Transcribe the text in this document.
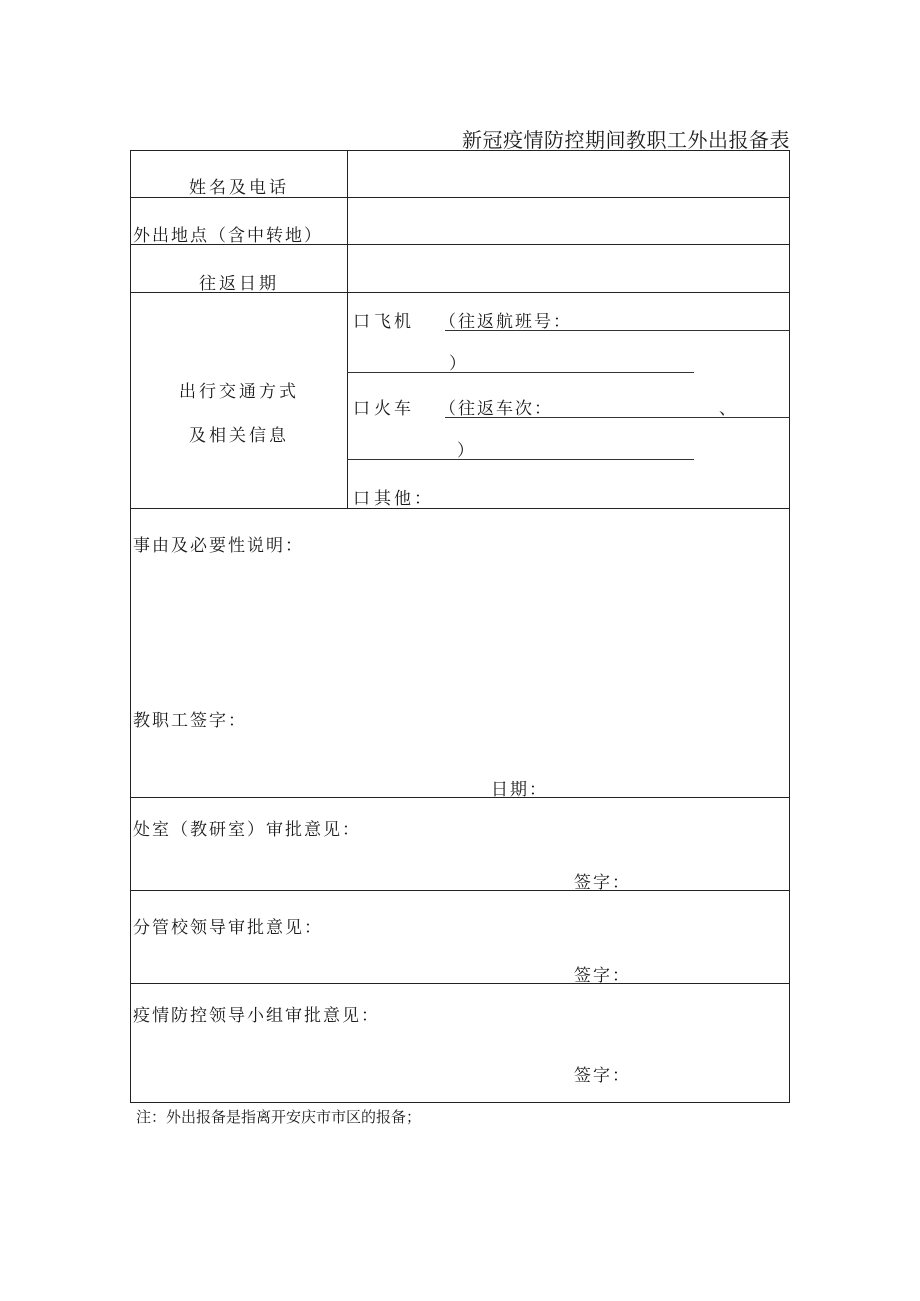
新冠疫情防控期间教职工外出报备表
姓名及电话
外出地点（含中转地）
往返日期
出行交通方式
及相关信息
口 飞机 （往返航班号：
）
口 火车 （往返车次：	、
）
口 其他：
事由及必要性说明：
教职工签字：
日期：
处室（教研室）审批意见：
签字：
分管校领导审批意见：
签字：
疫情防控领导小组审批意见：
签字：
注：外出报备是指离开安庆市市区的报备；
